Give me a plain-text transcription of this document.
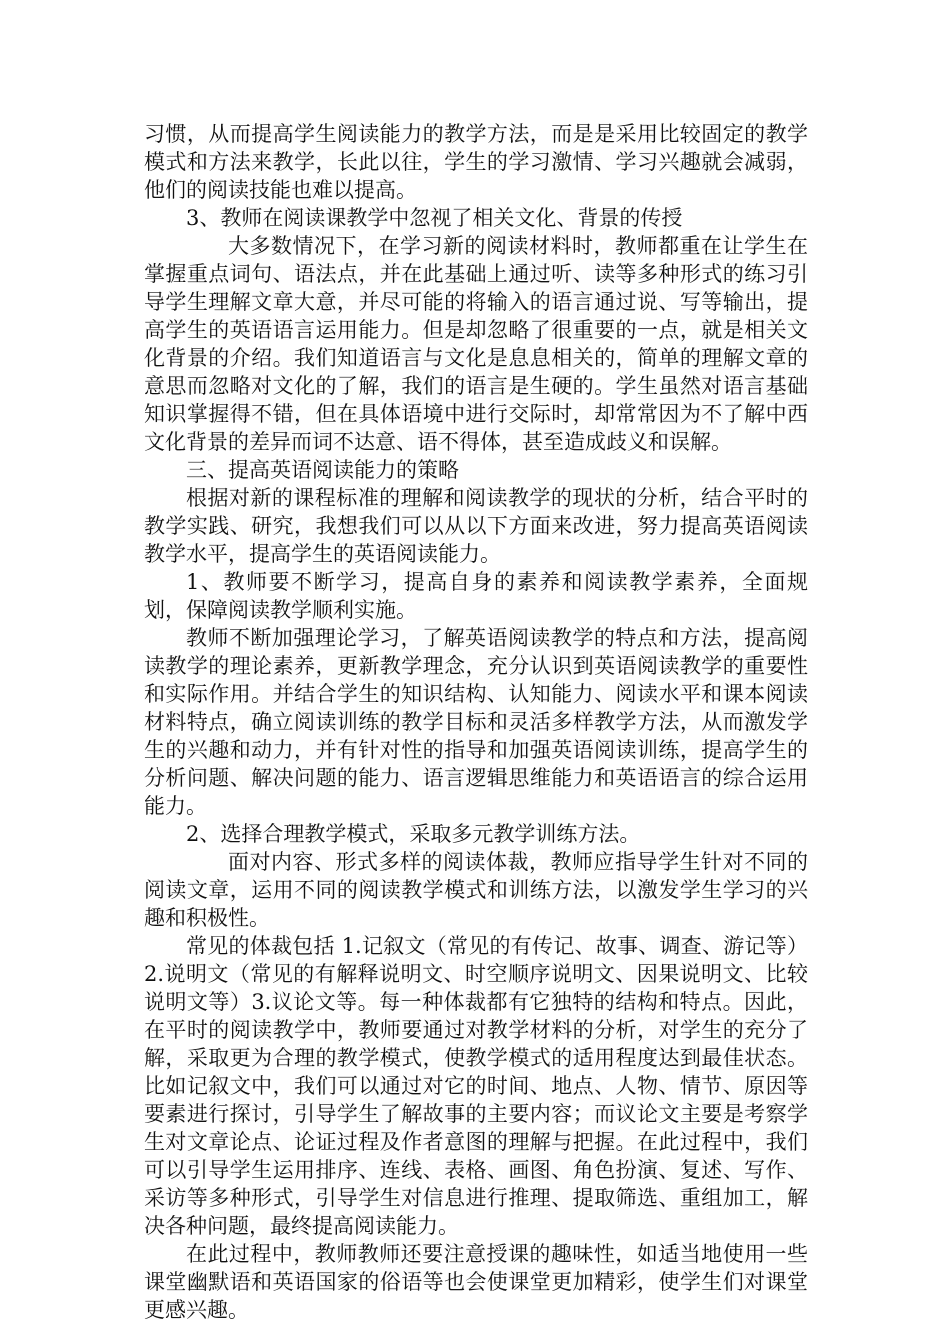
习惯，从而提高学生阅读能力的教学方法，而是是采用比较固定的教学模式和方法来教学，长此以往，学生的学习激情、学习兴趣就会减弱，他们的阅读技能也难以提高。

3、教师在阅读课教学中忽视了相关文化、背景的传授

大多数情况下，在学习新的阅读材料时，教师都重在让学生在掌握重点词句、语法点，并在此基础上通过听、读等多种形式的练习引导学生理解文章大意，并尽可能的将输入的语言通过说、写等输出，提高学生的英语语言运用能力。但是却忽略了很重要的一点，就是相关文化背景的介绍。我们知道语言与文化是息息相关的，简单的理解文章的意思而忽略对文化的了解，我们的语言是生硬的。学生虽然对语言基础知识掌握得不错，但在具体语境中进行交际时，却常常因为不了解中西文化背景的差异而词不达意、语不得体，甚至造成歧义和误解。

三、提高英语阅读能力的策略

根据对新的课程标准的理解和阅读教学的现状的分析，结合平时的教学实践、研究，我想我们可以从以下方面来改进，努力提高英语阅读教学水平，提高学生的英语阅读能力。

1、教师要不断学习，提高自身的素养和阅读教学素养，全面规划，保障阅读教学顺利实施。

教师不断加强理论学习，了解英语阅读教学的特点和方法，提高阅读教学的理论素养，更新教学理念，充分认识到英语阅读教学的重要性和实际作用。并结合学生的知识结构、认知能力、阅读水平和课本阅读材料特点，确立阅读训练的教学目标和灵活多样教学方法，从而激发学生的兴趣和动力，并有针对性的指导和加强英语阅读训练，提高学生的分析问题、解决问题的能力、语言逻辑思维能力和英语语言的综合运用能力。

2、选择合理教学模式，采取多元教学训练方法。

面对内容、形式多样的阅读体裁，教师应指导学生针对不同的阅读文章，运用不同的阅读教学模式和训练方法，以激发学生学习的兴趣和积极性。

常见的体裁包括 1.记叙文（常见的有传记、故事、调查、游记等）2.说明文（常见的有解释说明文、时空顺序说明文、因果说明文、比较说明文等）3.议论文等。每一种体裁都有它独特的结构和特点。因此，在平时的阅读教学中，教师要通过对教学材料的分析，对学生的充分了解，采取更为合理的教学模式，使教学模式的适用程度达到最佳状态。比如记叙文中，我们可以通过对它的时间、地点、人物、情节、原因等要素进行探讨，引导学生了解故事的主要内容；而议论文主要是考察学生对文章论点、论证过程及作者意图的理解与把握。在此过程中，我们可以引导学生运用排序、连线、表格、画图、角色扮演、复述、写作、采访等多种形式，引导学生对信息进行推理、提取筛选、重组加工，解决各种问题，最终提高阅读能力。

在此过程中，教师教师还要注意授课的趣味性，如适当地使用一些课堂幽默语和英语国家的俗语等也会使课堂更加精彩，使学生们对课堂更感兴趣。
